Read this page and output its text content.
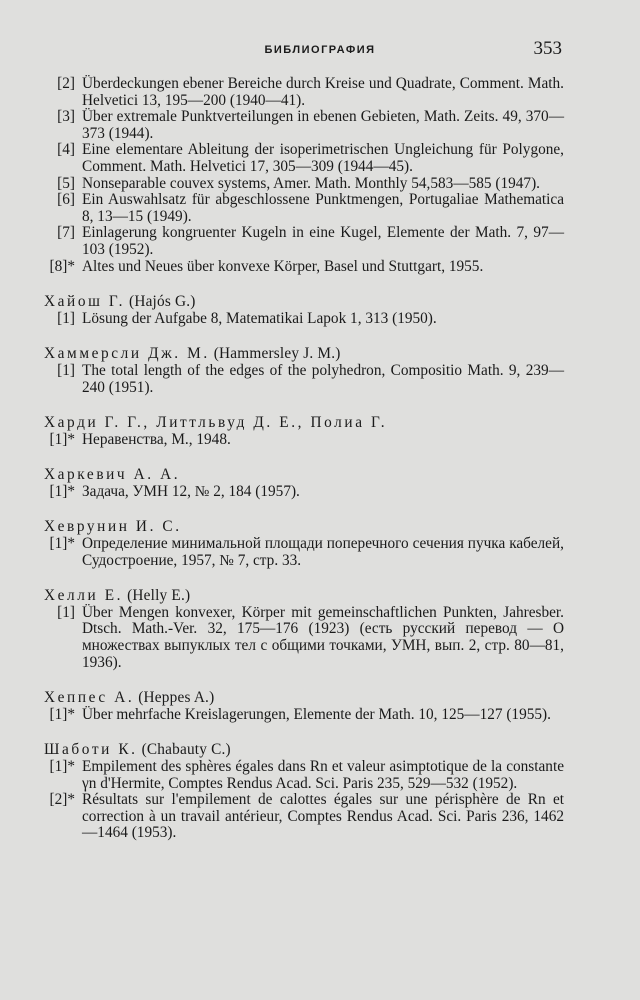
БИБЛИОГРАФИЯ	353
[2] Überdeckungen ebener Bereiche durch Kreise und Quadrate, Comment. Math. Helvetici 13, 195—200 (1940—41).
[3] Über extremale Punktverteilungen in ebenen Gebieten, Math. Zeits. 49, 370—373 (1944).
[4] Eine elementare Ableitung der isoperimetrischen Ungleichung für Polygone, Comment. Math. Helvetici 17, 305—309 (1944—45).
[5] Nonseparable couvex systems, Amer. Math. Monthly 54,583—585 (1947).
[6] Ein Auswahlsatz für abgeschlossene Punktmengen, Portugaliae Mathematica 8, 13—15 (1949).
[7] Einlagerung kongruenter Kugeln in eine Kugel, Elemente der Math. 7, 97—103 (1952).
[8]* Altes und Neues über konvexe Körper, Basel und Stuttgart, 1955.
Хайош Г. (Hajós G.)
[1] Lösung der Aufgabe 8, Matematikai Lapok 1, 313 (1950).
Хаммерсли Дж. М. (Hammersley J. M.)
[1] The total length of the edges of the polyhedron, Compositio Math. 9, 239—240 (1951).
Харди Г. Г., Литтльвуд Д. Е., Полиа Г.
[1]* Неравенства, М., 1948.
Харкевич А. А.
[1]* Задача, УМН 12, № 2, 184 (1957).
Хеврунин И. С.
[1]* Определение минимальной площади поперечного сечения пучка кабелей, Судостроение, 1957, № 7, стр. 33.
Хелли Е. (Helly E.)
[1] Über Mengen konvexer, Körper mit gemeinschaftlichen Punkten, Jahresber. Dtsch. Math.-Ver. 32, 175—176 (1923) (есть русский перевод — О множествах выпуклых тел с общими точками, УМН, вып. 2, стр. 80—81, 1936).
Хеппес А. (Heppes A.)
[1]* Über mehrfache Kreislagerungen, Elemente der Math. 10, 125—127 (1955).
Шаботи К. (Chabauty C.)
[1]* Empilement des sphères égales dans Rn et valeur asimptotique de la constante γn d'Hermite, Comptes Rendus Acad. Sci. Paris 235, 529—532 (1952).
[2]* Résultats sur l'empilement de calottes égales sur une périsphère de Rn et correction à un travail antérieur, Comptes Rendus Acad. Sci. Paris 236, 1462—1464 (1953).
